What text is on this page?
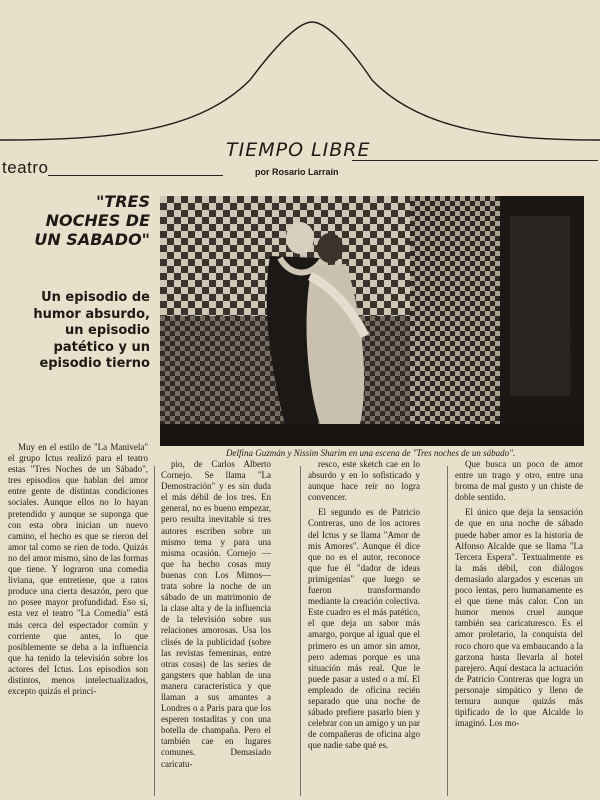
teatro
TIEMPO LIBRE
por Rosario Larraín
"TRES NOCHES DE UN SABADO"
Un episodio de humor absurdo, un episodio patético y un episodio tierno	Foto: Carmen Ossa
Delfina Guzmán y Nissim Sharim en una escena de "Tres noches de un sábado".

Muy en el estilo de "La Manivela" el grupo Ictus realizó para el teatro estas "Tres Noches de un Sábado", tres episodios que hablan del amor entre gente de distintas condiciones sociales. Aunque ellos no lo hayan pretendido y aunque se suponga que con esta obra inician un nuevo camino, el hecho es que se rieron del amor tal como se ríen de todo. Quizás no del amor mismo, sino de las formas que tiene. Y lograron una comedia liviana, que entretiene, que a ratos produce una cierta desazón, pero que no posee mayor profundidad. Eso sí, esta vez el teatro "La Comedia" está más cerca del espectador común y corriente que antes, lo que posiblemente se deba a la influencia que ha tenido la televisión sobre los actores del Ictus. Los episodios son distintos, menos intelectualizados, excepto quizás el princi-

pio, de Carlos Alberto Cornejo. Se llama "La Demostración" y es sin duda el más débil de los tres. En general, no es bueno empezar, pero resulta inevitable si tres autores escriben sobre un mismo tema y para una misma ocasión. Cornejo —que ha hecho cosas muy buenas con Los Mimos— trata sobre la noche de un sábado de un matrimonio de la clase alta y de la influencia de la televisión sobre sus relaciones amorosas. Usa los clisés de la publicidad (sobre las revistas femeninas, entre otras cosas) de las series de gangsters que hablan de una manera característica y que llaman a sus amantes a Londres o a París para que los esperen tostaditas y con una botella de champaña. Pero el también cae en lugares comunes. Demasiado caricatu-

resco, este sketch cae en lo absurdo y en lo sofisticado y aunque hace reír no logra convencer.

El segundo es de Patricio Contreras, uno de los actores del Ictus y se llama "Amor de mis Amores". Aunque él dice que no es el autor, reconoce que fue él "dador de ideas primigenias" que luego se fueron transformando mediante la creación colectiva. Este cuadro es el más patético, el que deja un sabor más amargo, porque al igual que el primero es un amor sin amor, pero ademas porque es una situación más real. Que le puede pasar a usted o a mí. El empleado de oficina recién separado que una noche de sábado prefiere pasarlo bien y celebrar con un amigo y un par de compañeras de oficina algo que nadie sabe qué es.

Que busca un poco de amor entre un trago y otro, entre una broma de mal gusto y un chiste de doble sentido.

El único que deja la sensación de que en una noche de sábado puede haber amor es la historia de Alfonso Alcalde que se llama "La Tercera Espera". Textualmente es la más débil, con diálogos demasiado alargados y escenas un poco lentas, pero humanamente es el que tiene más calor. Con un humor menos cruel aunque también sea caricaturesco. Es el amor proletario, la conquista del roco choro que va embaucando a la garzona hasta llevarla al hotel parejero. Aquí destaca la actuación de Patricio Contreras que logra un personaje simpático y lleno de ternura aunque quizás más tipificado de lo que Alcalde lo imaginó. Los mo-
